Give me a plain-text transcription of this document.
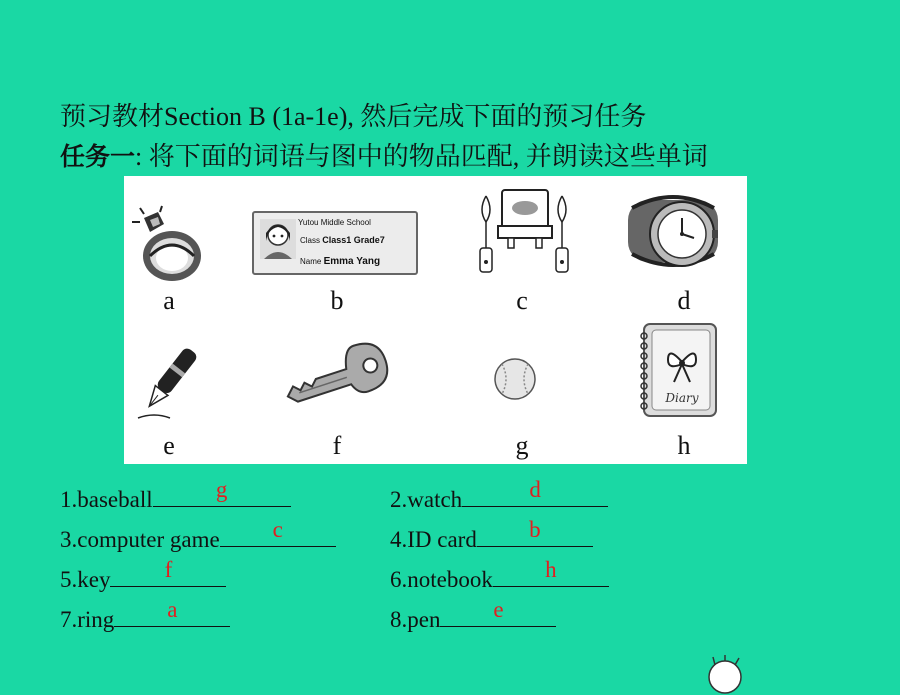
预习教材Section B (1a-1e), 然后完成下面的预习任务
任务一: 将下面的词语与图中的物品匹配, 并朗读这些单词
a
Yutou Middle School
Class Class1 Grade7
Name Emma Yang
b	c	d
e	f	g
Diary
h
1.baseball	g	2.watch	d
3.computer game	c	4.ID card	b
5.key	f	6.notebook	h
7.ring	a	8.pen	e
